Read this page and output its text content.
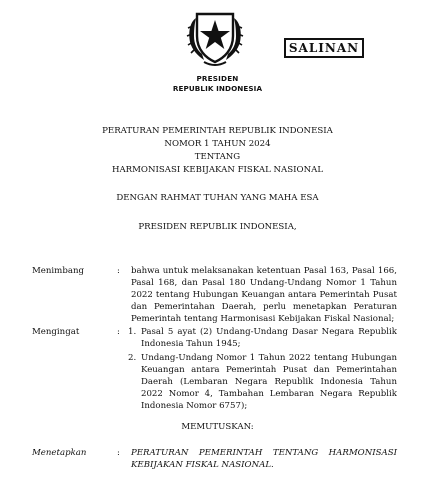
PRESIDEN
REPUBLIK INDONESIA
SALINAN
PERATURAN PEMERINTAH REPUBLIK INDONESIA
NOMOR 1 TAHUN 2024
TENTANG
HARMONISASI KEBIJAKAN FISKAL NASIONAL
DENGAN RAHMAT TUHAN YANG MAHA ESA
PRESIDEN REPUBLIK INDONESIA,
Menimbang	: bahwa untuk melaksanakan ketentuan Pasal 163, Pasal 166, Pasal 168, dan Pasal 180 Undang-Undang Nomor 1 Tahun 2022 tentang Hubungan Keuangan antara Pemerintah Pusat dan Pemerintahan Daerah, perlu menetapkan Peraturan Pemerintah tentang Harmonisasi Kebijakan Fiskal Nasional;
Mengingat	: 1. Pasal 5 ayat (2) Undang-Undang Dasar Negara Republik Indonesia Tahun 1945;
2. Undang-Undang Nomor 1 Tahun 2022 tentang Hubungan Keuangan antara Pemerintah Pusat dan Pemerintahan Daerah (Lembaran Negara Republik Indonesia Tahun 2022 Nomor 4, Tambahan Lembaran Negara Republik Indonesia Nomor 6757);
MEMUTUSKAN:
Menetapkan	: PERATURAN PEMERINTAH TENTANG HARMONISASI KEBIJAKAN FISKAL NASIONAL.
